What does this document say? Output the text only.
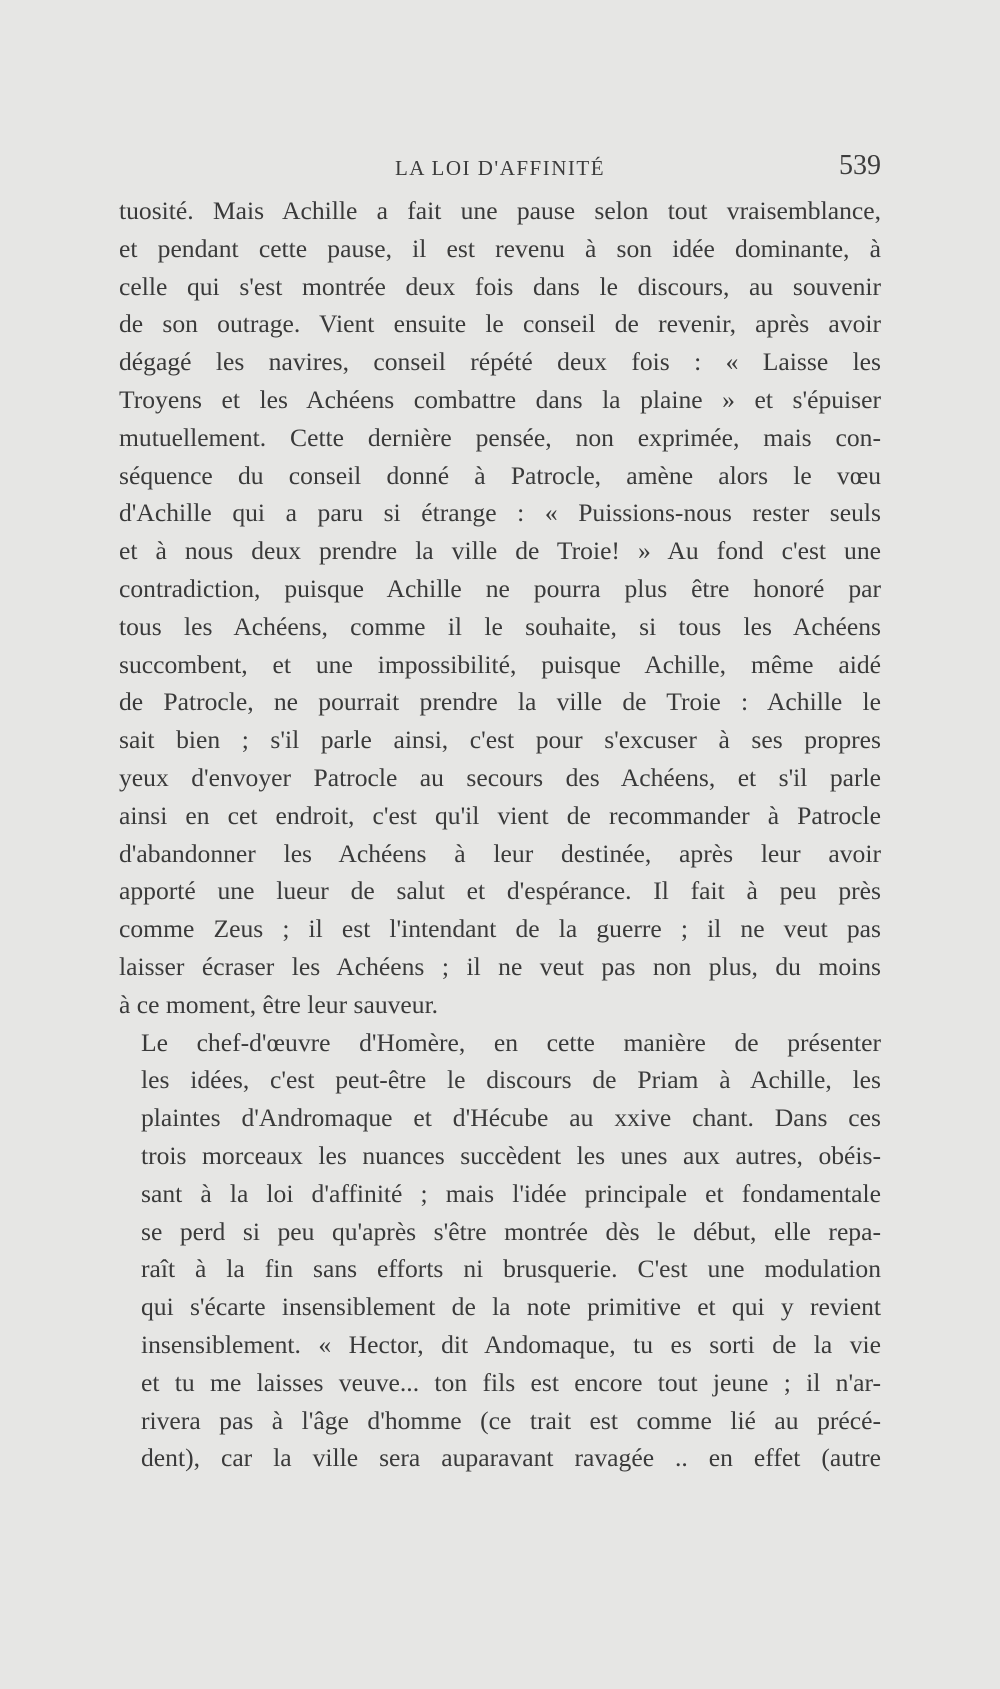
LA LOI D'AFFINITÉ	539

tuosité. Mais Achille a fait une pause selon tout vraisemblance,
et pendant cette pause, il est revenu à son idée dominante, à
celle qui s'est montrée deux fois dans le discours, au souvenir
de son outrage. Vient ensuite le conseil de revenir, après avoir
dégagé les navires, conseil répété deux fois : « Laisse les
Troyens et les Achéens combattre dans la plaine » et s'épuiser
mutuellement. Cette dernière pensée, non exprimée, mais con-
séquence du conseil donné à Patrocle, amène alors le vœu
d'Achille qui a paru si étrange : « Puissions-nous rester seuls
et à nous deux prendre la ville de Troie! » Au fond c'est une
contradiction, puisque Achille ne pourra plus être honoré par
tous les Achéens, comme il le souhaite, si tous les Achéens
succombent, et une impossibilité, puisque Achille, même aidé
de Patrocle, ne pourrait prendre la ville de Troie : Achille le
sait bien ; s'il parle ainsi, c'est pour s'excuser à ses propres
yeux d'envoyer Patrocle au secours des Achéens, et s'il parle
ainsi en cet endroit, c'est qu'il vient de recommander à Patrocle
d'abandonner les Achéens à leur destinée, après leur avoir
apporté une lueur de salut et d'espérance. Il fait à peu près
comme Zeus ; il est l'intendant de la guerre ; il ne veut pas
laisser écraser les Achéens ; il ne veut pas non plus, du moins
à ce moment, être leur sauveur.

Le chef-d'œuvre d'Homère, en cette manière de présenter
les idées, c'est peut-être le discours de Priam à Achille, les
plaintes d'Andromaque et d'Hécube au xxive chant. Dans ces
trois morceaux les nuances succèdent les unes aux autres, obéis-
sant à la loi d'affinité ; mais l'idée principale et fondamentale
se perd si peu qu'après s'être montrée dès le début, elle repa-
raît à la fin sans efforts ni brusquerie. C'est une modulation
qui s'écarte insensiblement de la note primitive et qui y revient
insensiblement. « Hector, dit Andomaque, tu es sorti de la vie
et tu me laisses veuve... ton fils est encore tout jeune ; il n'ar-
rivera pas à l'âge d'homme (ce trait est comme lié au précé-
dent), car la ville sera auparavant ravagée .. en effet (autre
